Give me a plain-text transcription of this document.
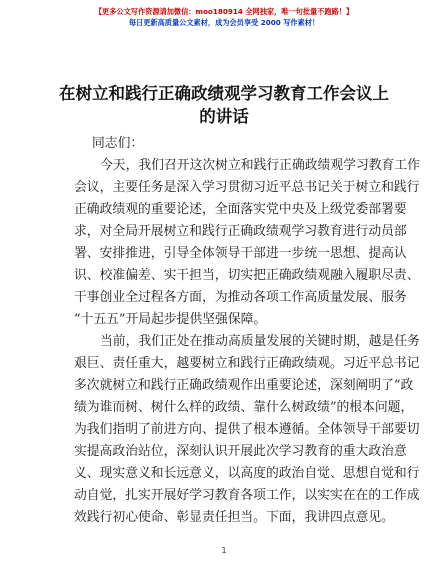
【更多公文写作资源请加微信：moo180914 全网独家，唯一句批量不跑路！】
每日更新高质量公文素材，成为会员享受 2000 写作素材！
在树立和践行正确政绩观学习教育工作会议上
的讲话
同志们：
今天，我们召开这次树立和践行正确政绩观学习教育工作
会议，主要任务是深入学习贯彻习近平总书记关于树立和践行
正确政绩观的重要论述，全面落实党中央及上级党委部署要
求，对全局开展树立和践行正确政绩观学习教育进行动员部
署、安排推进，引导全体领导干部进一步统一思想、提高认
识、校准偏差、实干担当，切实把正确政绩观融入履职尽责、
干事创业全过程各方面，为推动各项工作高质量发展、服务
“十五五”开局起步提供坚强保障。
当前，我们正处在推动高质量发展的关键时期，越是任务
艰巨、责任重大，越要树立和践行正确政绩观。习近平总书记
多次就树立和践行正确政绩观作出重要论述，深刻阐明了“政
绩为谁而树、树什么样的政绩、靠什么树政绩”的根本问题，
为我们指明了前进方向、提供了根本遵循。全体领导干部要切
实提高政治站位，深刻认识开展此次学习教育的重大政治意
义、现实意义和长远意义，以高度的政治自觉、思想自觉和行
动自觉，扎实开展好学习教育各项工作，以实实在在的工作成
效践行初心使命、彰显责任担当。下面，我讲四点意见。
1
